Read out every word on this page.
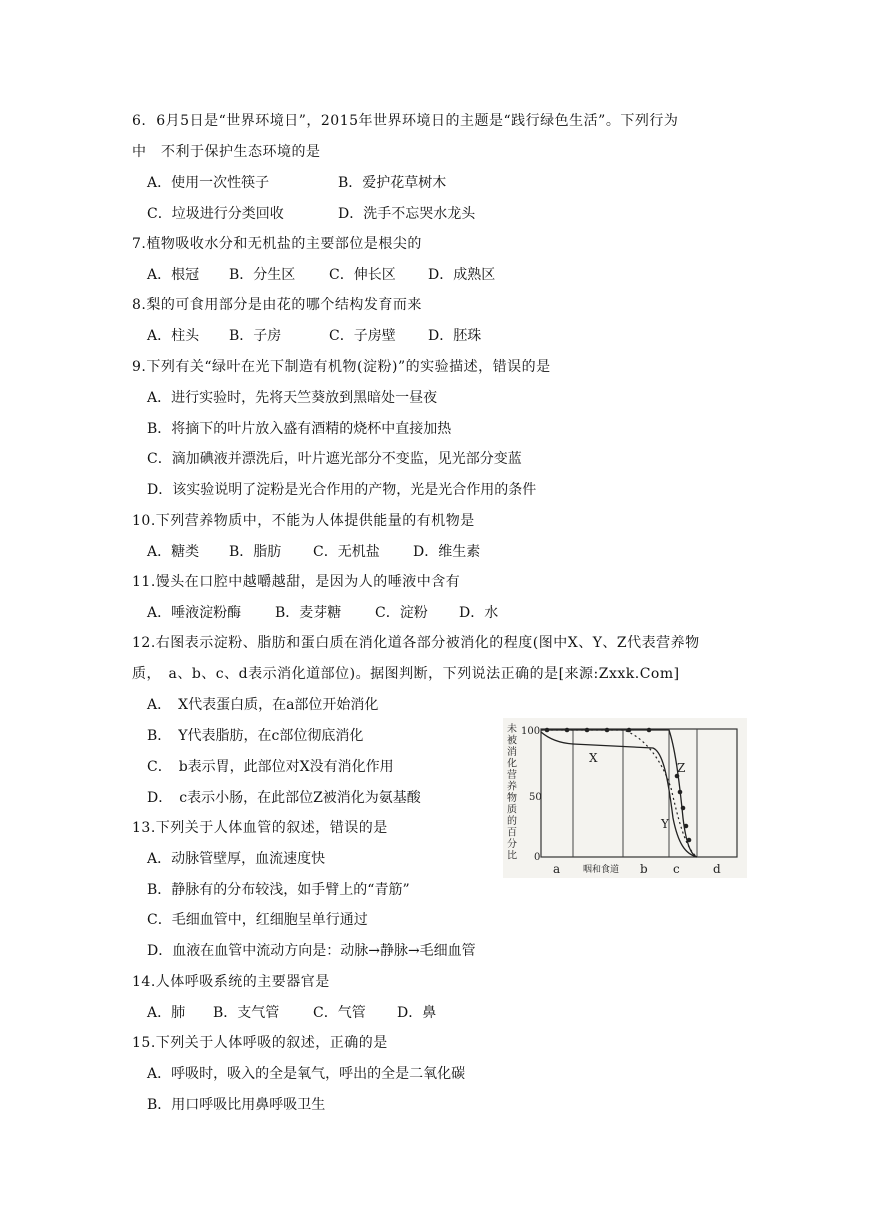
6. 6月5日是“世界环境日”，2015年世界环境日的主题是“践行绿色生活”。下列行为
中　不利于保护生态环境的是
A．使用一次性筷子	B．爱护花草树木
C．垃圾进行分类回收	D．洗手不忘哭水龙头
7.植物吸收水分和无机盐的主要部位是根尖的
A．根冠 B．分生区 C．伸长区 D．成熟区
8.梨的可食用部分是由花的哪个结构发育而来
A．柱头 B．子房	C．子房壁 D．胚珠
9.下列有关“绿叶在光下制造有机物(淀粉)”的实验描述，错误的是
A．进行实验时，先将天竺葵放到黑暗处一昼夜
B．将摘下的叶片放入盛有酒精的烧杯中直接加热
C．滴加碘液并漂洗后，叶片遮光部分不变监，见光部分变蓝
D．该实验说明了淀粉是光合作用的产物，光是光合作用的条件
10.下列营养物质中，不能为人体提供能量的有机物是
A．糖类 B．脂肪 C．无机盐 D．维生素
11.馒头在口腔中越嚼越甜，是因为人的唾液中含有
A．唾液淀粉酶 B．麦芽糖 C．淀粉 D．水
12.右图表示淀粉、脂肪和蛋白质在消化道各部分被消化的程度(图中X、Y、Z代表营养物
质，　a、b、c、d表示消化道部位)。据图判断，下列说法正确的是[来源:Zxxk.Com]
A．　X代表蛋白质，在a部位开始消化
B．　Y代表脂肪，在c部位彻底消化
C．　b表示胃，此部位对X没有消化作用
D．　c表示小肠，在此部位Z被消化为氨基酸
未
被
消
化
营
养
物
质
的
百
分
比
100
50
0
X
Y
Z
a	咽和食道 b c	d
13.下列关于人体血管的叙述，错误的是
A．动脉管壁厚，血流速度快
B．静脉有的分布较浅，如手臂上的“青筋”
C．毛细血管中，红细胞呈单行通过
D．血液在血管中流动方向是：动脉→静脉→毛细血管
14.人体呼吸系统的主要器官是
A．肺 B．支气管 C．气管 D．鼻
15.下列关于人体呼吸的叙述，正确的是
A．呼吸时，吸入的全是氧气，呼出的全是二氧化碳
B．用口呼吸比用鼻呼吸卫生
